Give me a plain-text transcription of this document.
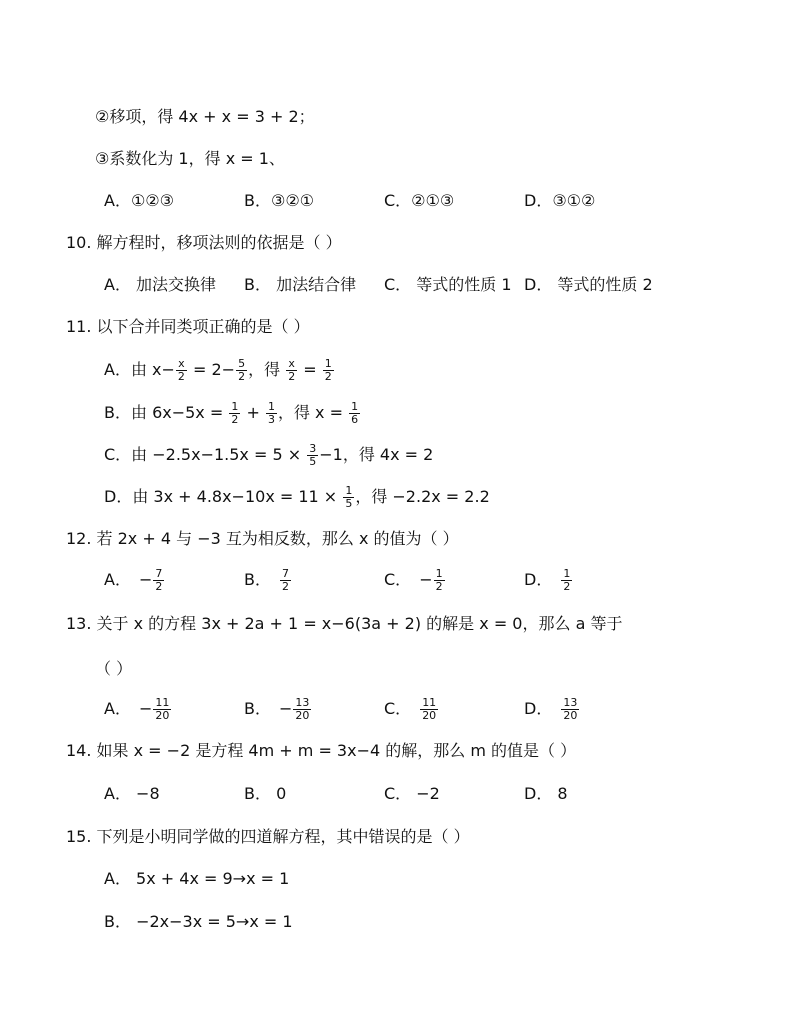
②移项，得 4x + x = 3 + 2；
③系数化为 1，得 x = 1、
A．①②③	B．③②①	C．②①③	D．③①②
10. 解方程时，移项法则的依据是（ ）
A． 加法交换律 B． 加法结合律 C． 等式的性质 1 D． 等式的性质 2
11. 以下合并同类项正确的是（ ）
A．由 $x- \frac{x}{2} = 2- \frac{5}{2}$ ，得 $\frac{x}{2} = \frac{1}{2}$
B．由 $6x-5x = \frac{1}{2} + \frac{1}{3}$ ，得 $x = \frac{1}{6}$
C．由 $-2.5x-1.5x = 5 \times \frac{3}{5} -1$，得 4x = 2
D．由 $3x + 4.8x-10x = 11 \times \frac{1}{5}$ ，得 −2.2x = 2.2
12. 若 2x + 4 与 −3 互为相反数，那么 x 的值为（ ）
A． − $\frac{7}{2}$	B． $\frac{7}{2}$	C． − $\frac{1}{2}$	D． $\frac{1}{2}$
13. 关于 x 的方程 3x + 2a + 1 = x−6(3a + 2) 的解是 x = 0，那么 a 等于
（ ）
A． − $\frac{11}{20}$	B． − $\frac{13}{20}$	C． $\frac{11}{20}$	D． $\frac{13}{20}$
14. 如果 x = −2 是方程 4m + m = 3x−4 的解，那么 m 的值是（ ）
A． −8	B． 0	C． −2	D． 8
15. 下列是小明同学做的四道解方程，其中错误的是（ ）
A． 5x + 4x = 9→x = 1
B． −2x−3x = 5→x = 1
